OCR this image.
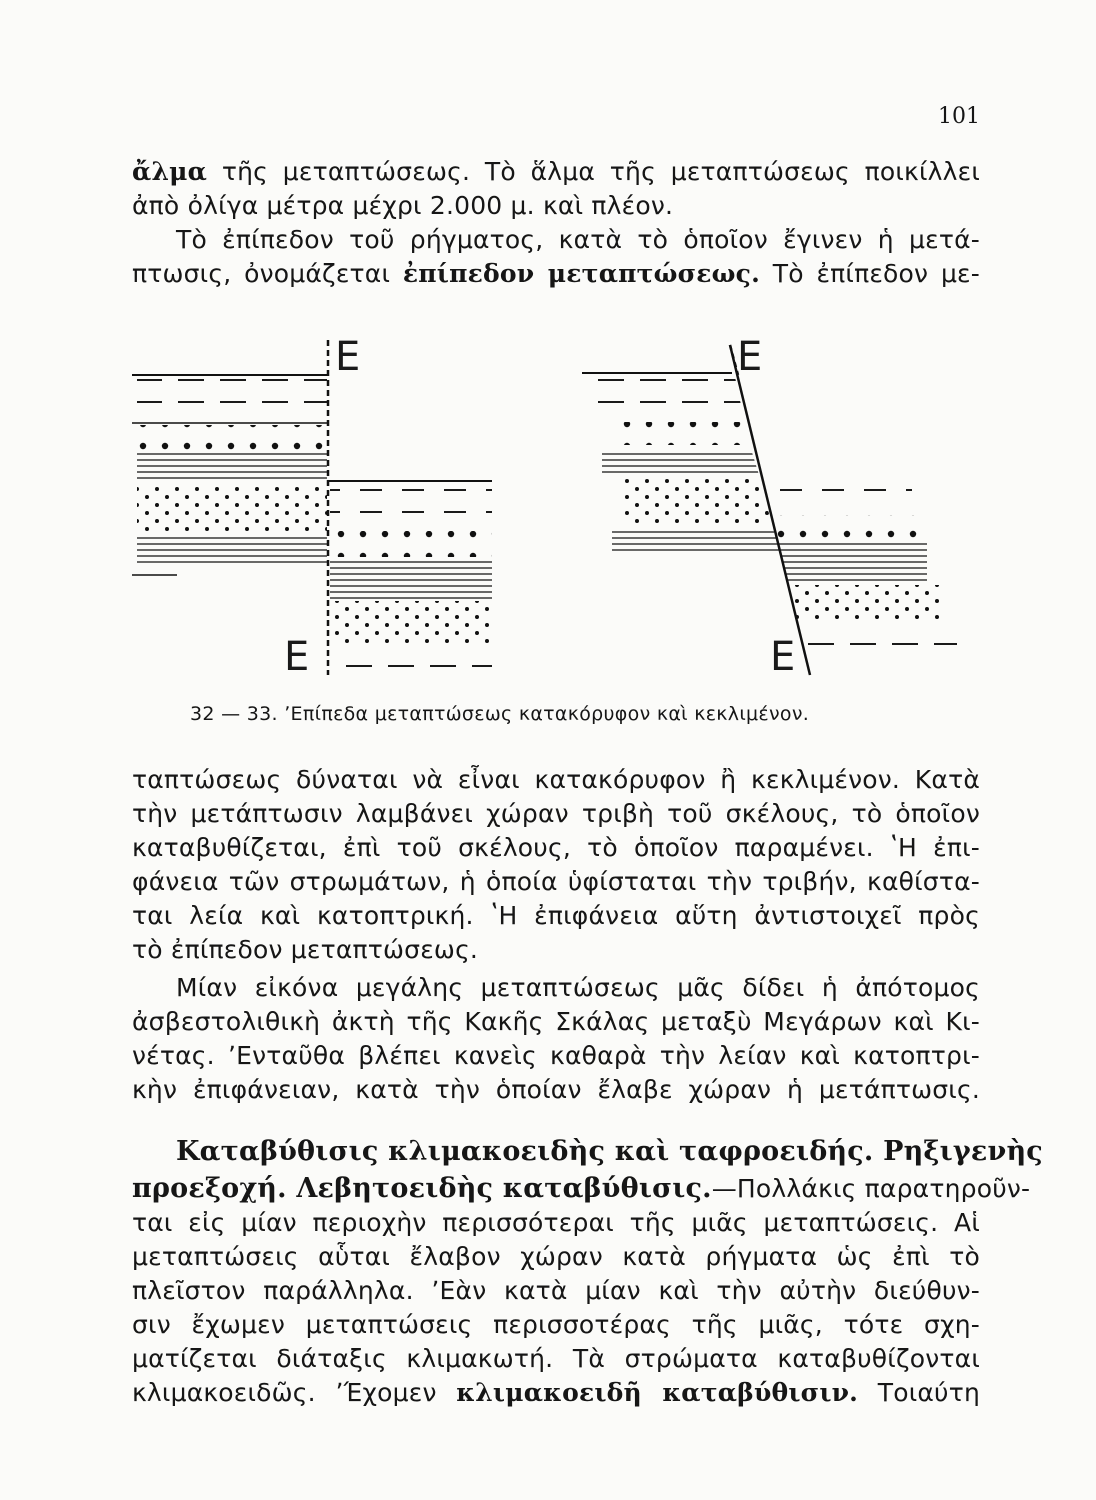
101
ἄλμα τῆς μεταπτώσεως. Τὸ ἅλμα τῆς μεταπτώσεως ποικίλλει
ἀπὸ ὀλίγα μέτρα μέχρι 2.000 μ. καὶ πλέον.
Τὸ ἐπίπεδον τοῦ ρήγματος, κατὰ τὸ ὁποῖον ἔγινεν ἡ μετά-
πτωσις, ὀνομάζεται ἐπίπεδον μεταπτώσεως. Τὸ ἐπίπεδον με-
E
E
E
E
32 — 33. ʼΕπίπεδα μεταπτώσεως κατακόρυφον καὶ κεκλιμένον.
ταπτώσεως δύναται νὰ εἶναι κατακόρυφον ἢ κεκλιμένον. Κατὰ
τὴν μετάπτωσιν λαμβάνει χώραν τριβὴ τοῦ σκέλους, τὸ ὁποῖον
καταβυθίζεται, ἐπὶ τοῦ σκέλους, τὸ ὁποῖον παραμένει. ʽΗ ἐπι-
φάνεια τῶν στρωμάτων, ἡ ὁποία ὑφίσταται τὴν τριβήν, καθίστα-
ται λεία καὶ κατοπτρική. ʽΗ ἐπιφάνεια αὕτη ἀντιστοιχεῖ πρὸς
τὸ ἐπίπεδον μεταπτώσεως.
Μίαν εἰκόνα μεγάλης μεταπτώσεως μᾶς δίδει ἡ ἀπότομος
ἀσβεστολιθικὴ ἀκτὴ τῆς Κακῆς Σκάλας μεταξὺ Μεγάρων καὶ Κι-
νέτας. ʼΕνταῦθα βλέπει κανεὶς καθαρὰ τὴν λείαν καὶ κατοπτρι-
κὴν ἐπιφάνειαν, κατὰ τὴν ὁποίαν ἔλαβε χώραν ἡ μετάπτωσις.
Καταβύθισις κλιμακοειδὴς καὶ ταφροειδής. Ρηξιγενὴς
προεξοχή. Λεβητοειδὴς καταβύθισις.—Πολλάκις παρατηροῦν-
ται εἰς μίαν περιοχὴν περισσότεραι τῆς μιᾶς μεταπτώσεις. Αἱ
μεταπτώσεις αὗται ἔλαβον χώραν κατὰ ρήγματα ὡς ἐπὶ τὸ
πλεῖστον παράλληλα. ʼΕὰν κατὰ μίαν καὶ τὴν αὐτὴν διεύθυν-
σιν ἔχωμεν μεταπτώσεις περισσοτέρας τῆς μιᾶς, τότε σχη-
ματίζεται διάταξις κλιμακωτή. Τὰ στρώματα καταβυθίζονται
κλιμακοειδῶς. ʼΈχομεν κλιμακοειδῆ καταβύθισιν. Τοιαύτη
